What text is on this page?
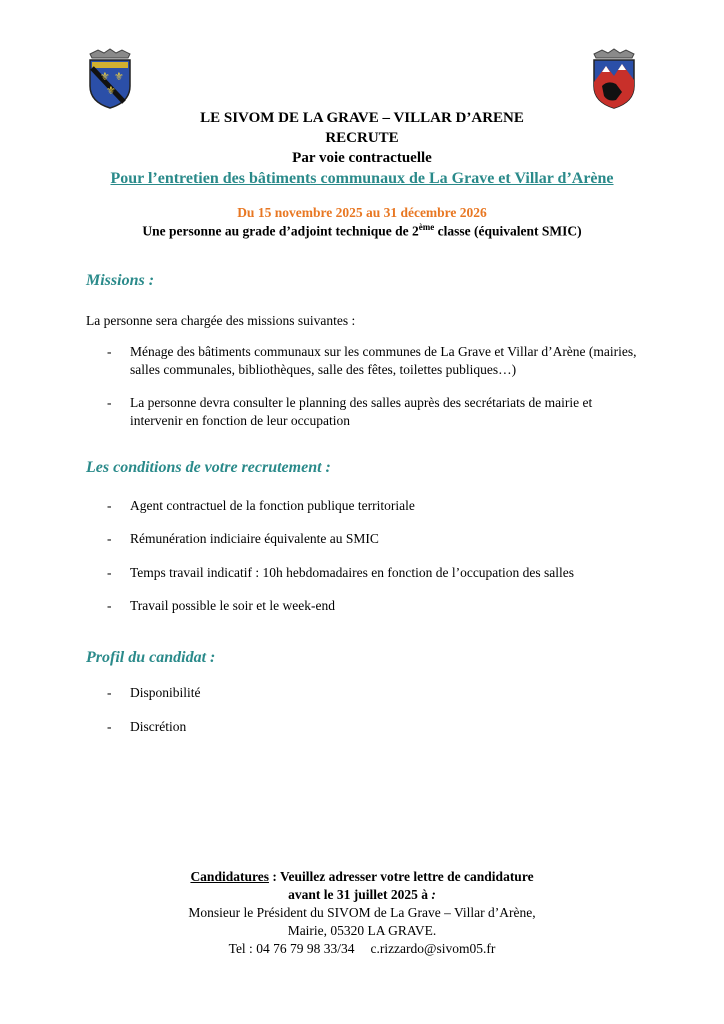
⚜ ⚜
⚜
LE SIVOM DE LA GRAVE – VILLAR D’ARENE
RECRUTE
Par voie contractuelle
Pour l’entretien des bâtiments communaux de La Grave et Villar d’Arène
Du 15 novembre 2025 au 31 décembre 2026
Une personne au grade d’adjoint technique de 2ème classe (équivalent SMIC)
Missions :
La personne sera chargée des missions suivantes :
- Ménage des bâtiments communaux sur les communes de La Grave et Villar d’Arène (mairies, salles communales, bibliothèques, salle des fêtes, toilettes publiques…)
- La personne devra consulter le planning des salles auprès des secrétariats de mairie et intervenir en fonction de leur occupation
Les conditions de votre recrutement :
- Agent contractuel de la fonction publique territoriale
- Rémunération indiciaire équivalente au SMIC
- Temps travail indicatif : 10h hebdomadaires en fonction de l’occupation des salles
- Travail possible le soir et le week-end
Profil du candidat :
- Disponibilité
- Discrétion
Candidatures : Veuillez adresser votre lettre de candidature
avant le 31 juillet 2025 à :
Monsieur le Président du SIVOM de La Grave – Villar d’Arène,
Mairie, 05320 LA GRAVE.
Tel : 04 76 79 98 33/34 c.rizzardo@sivom05.fr
